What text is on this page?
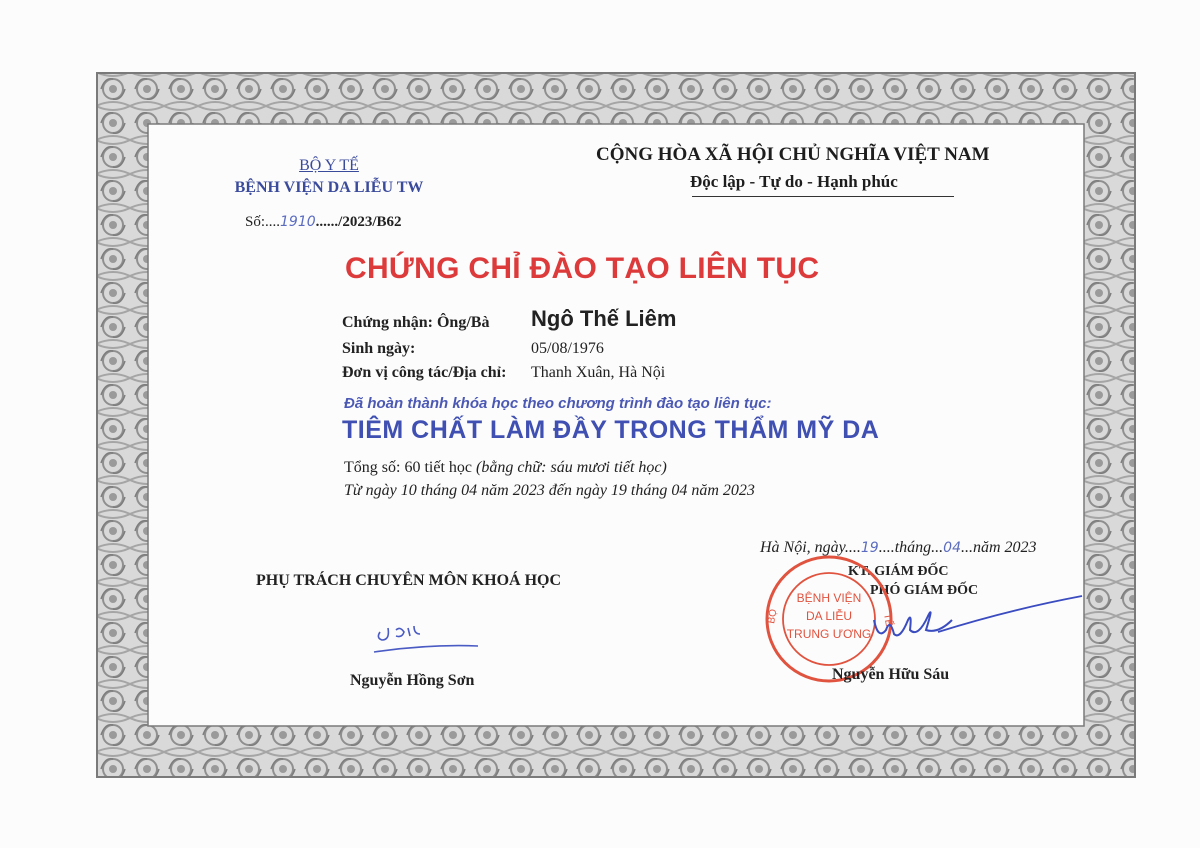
BỘ Y TẾ
BỆNH VIỆN DA LIỄU TW
Số:....1910....../2023/B62
CỘNG HÒA XÃ HỘI CHỦ NGHĨA VIỆT NAM
Độc lập - Tự do - Hạnh phúc
CHỨNG CHỈ ĐÀO TẠO LIÊN TỤC
Chứng nhận: Ông/Bà Ngô Thế Liêm
Sinh ngày:	05/08/1976
Đơn vị công tác/Địa chỉ: Thanh Xuân, Hà Nội
Đã hoàn thành khóa học theo chương trình đào tạo liên tục:
TIÊM CHẤT LÀM ĐẦY TRONG THẨM MỸ DA
Tổng số: 60 tiết học (bằng chữ: sáu mươi tiết học)
Từ ngày 10 tháng 04 năm 2023 đến ngày 19 tháng 04 năm 2023
Hà Nội, ngày....19....tháng...04...năm 2023
PHỤ TRÁCH CHUYÊN MÔN KHOÁ HỌC
KT. GIÁM ĐỐC
PHÓ GIÁM ĐỐC
BỆNH VIỆN
DA LIỄU
TRUNG ƯƠNG
BỘ	TẾ
Nguyễn Hồng Sơn	Nguyễn Hữu Sáu
